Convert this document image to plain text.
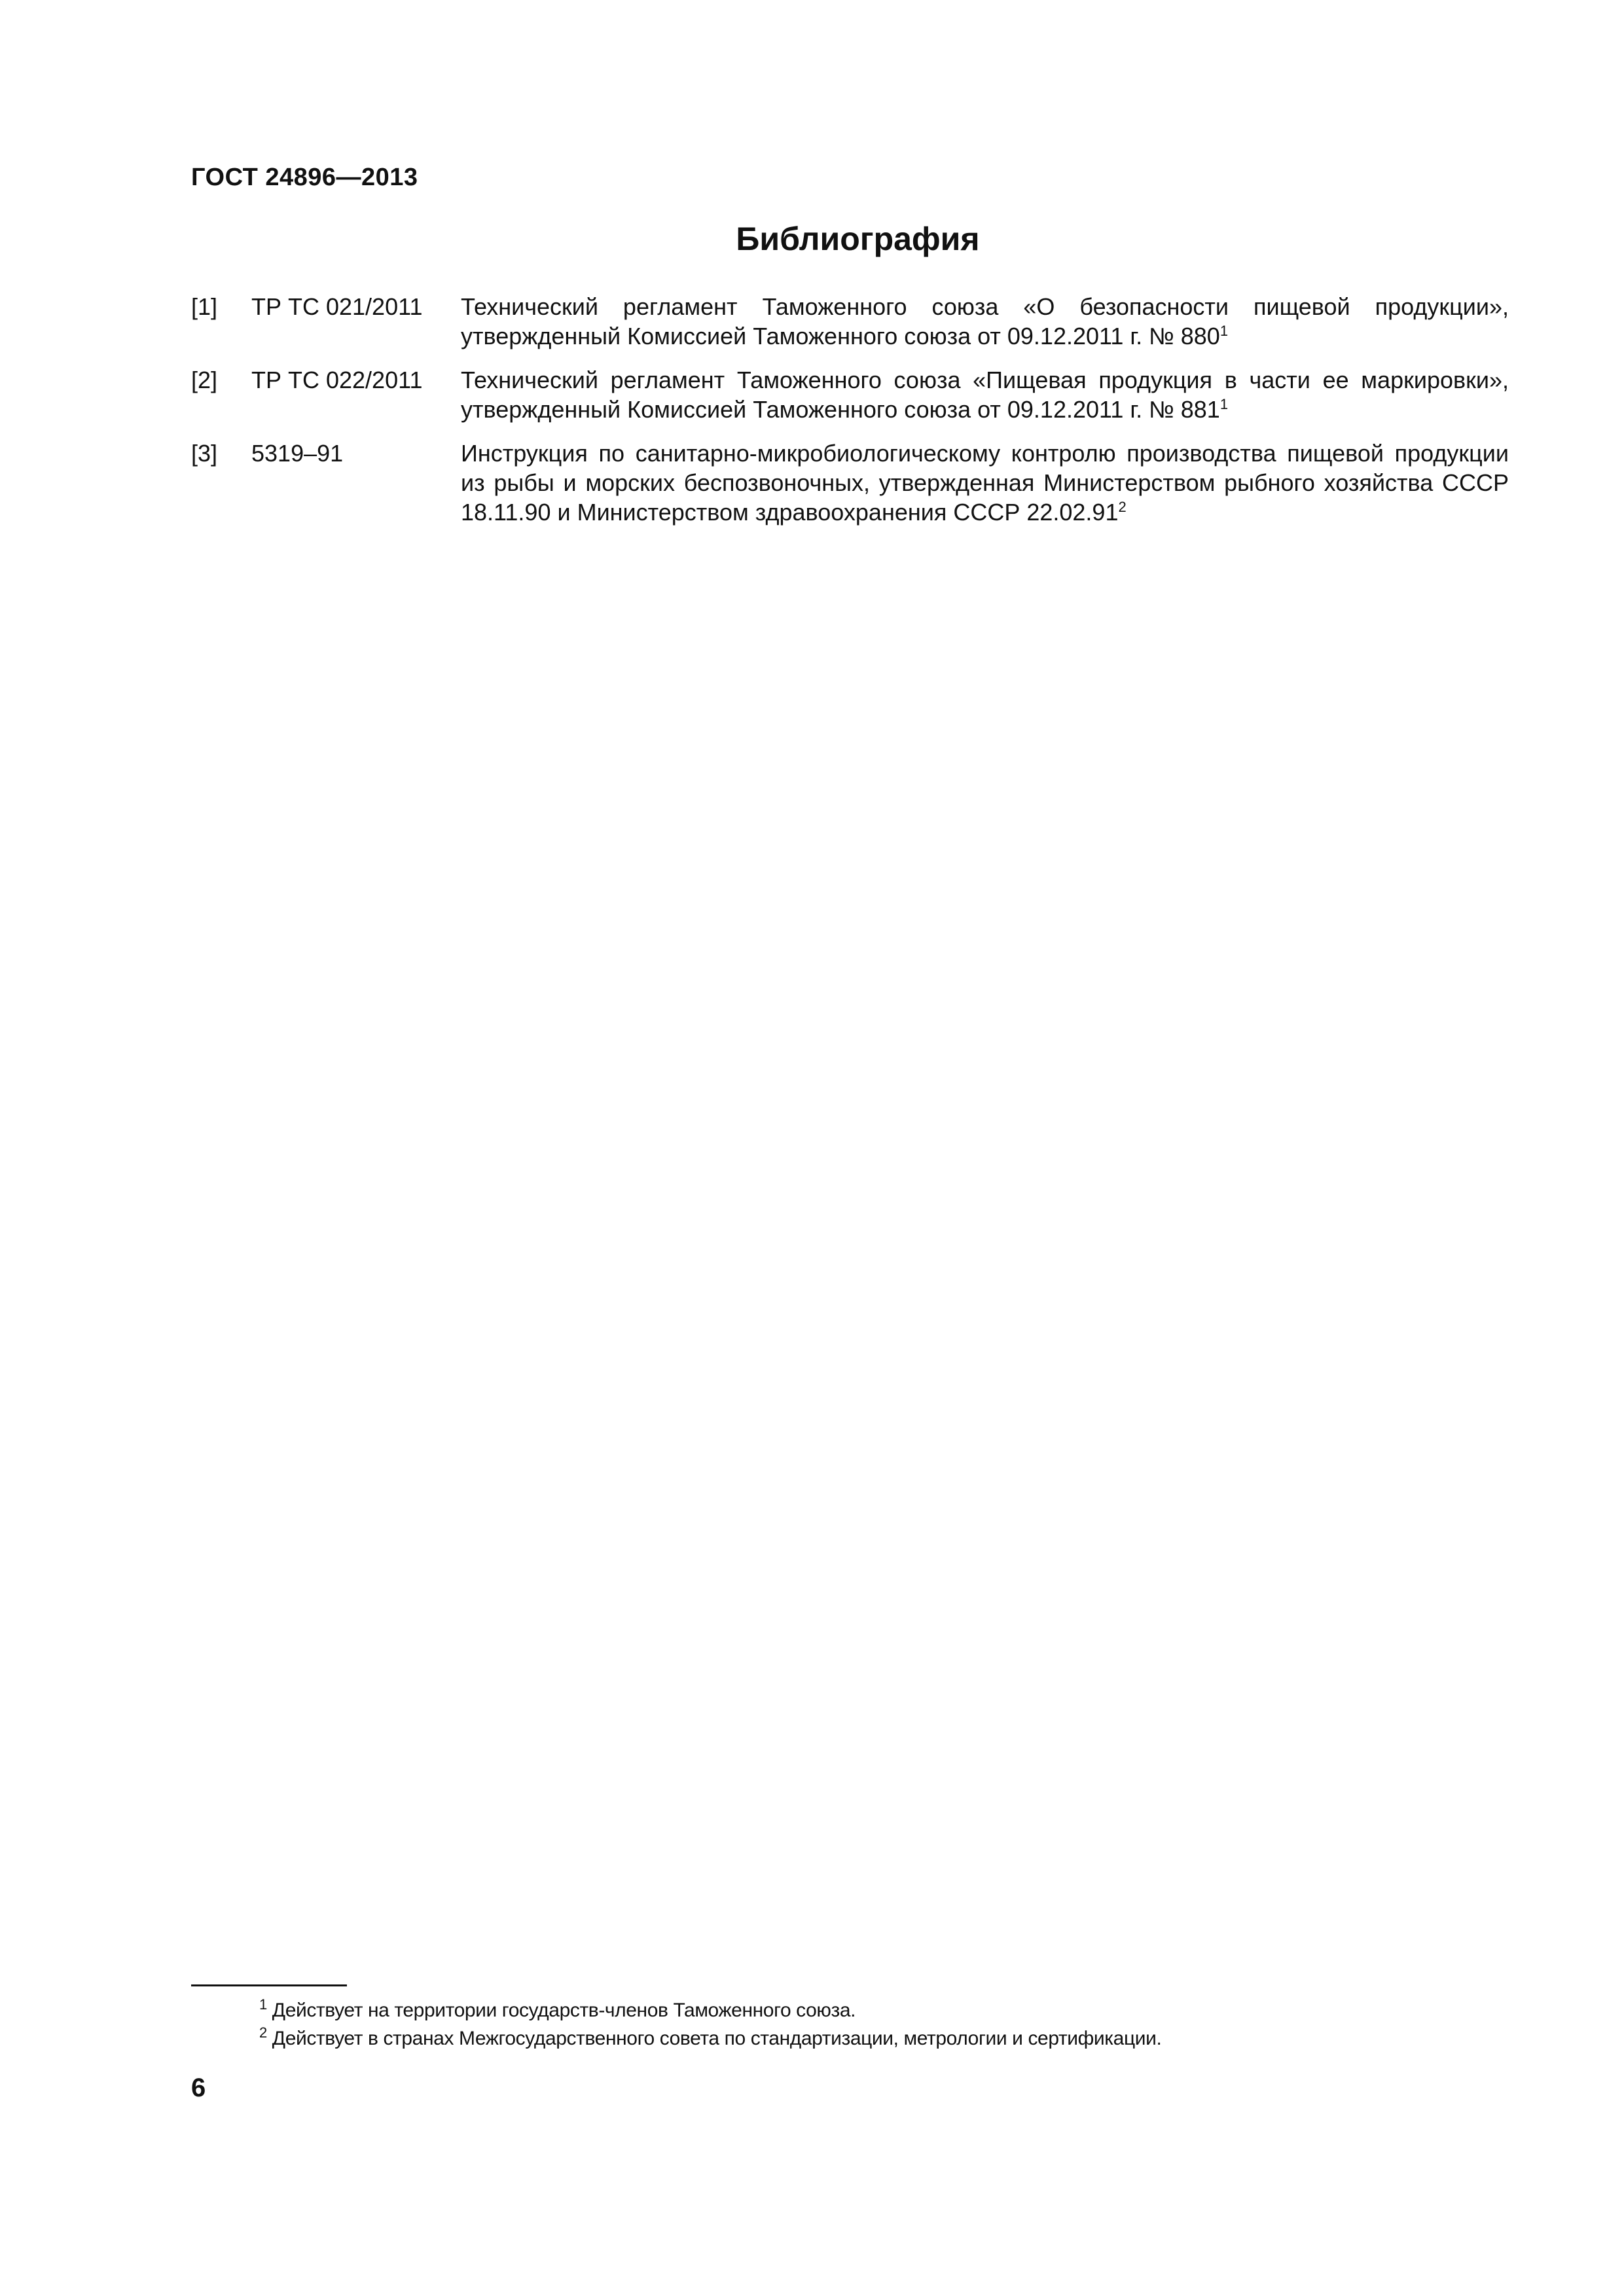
ГОСТ 24896—2013
Библиография
[1] ТР ТС 021/2011 Технический регламент Таможенного союза «О безопасности пищевой продукции», утвержденный Комиссией Таможенного союза от 09.12.2011 г. № $880^1$
[2] ТР ТС 022/2011 Технический регламент Таможенного союза «Пищевая продукция в части ее маркировки», утвержденный Комиссией Таможенного союза от 09.12.2011 г. № $881^1$
[3] 5319–91	Инструкция по санитарно-микробиологическому контролю производства пищевой продукции из рыбы и морских беспозвоночных, утвержденная Министерством рыбного хозяйства СССР 18.11.90 и Министерством здравоохранения СССР 22.02.91$^2$
$^1$ Действует на территории государств-членов Таможенного союза.
$^2$ Действует в странах Межгосударственного совета по стандартизации, метрологии и сертификации.
6
